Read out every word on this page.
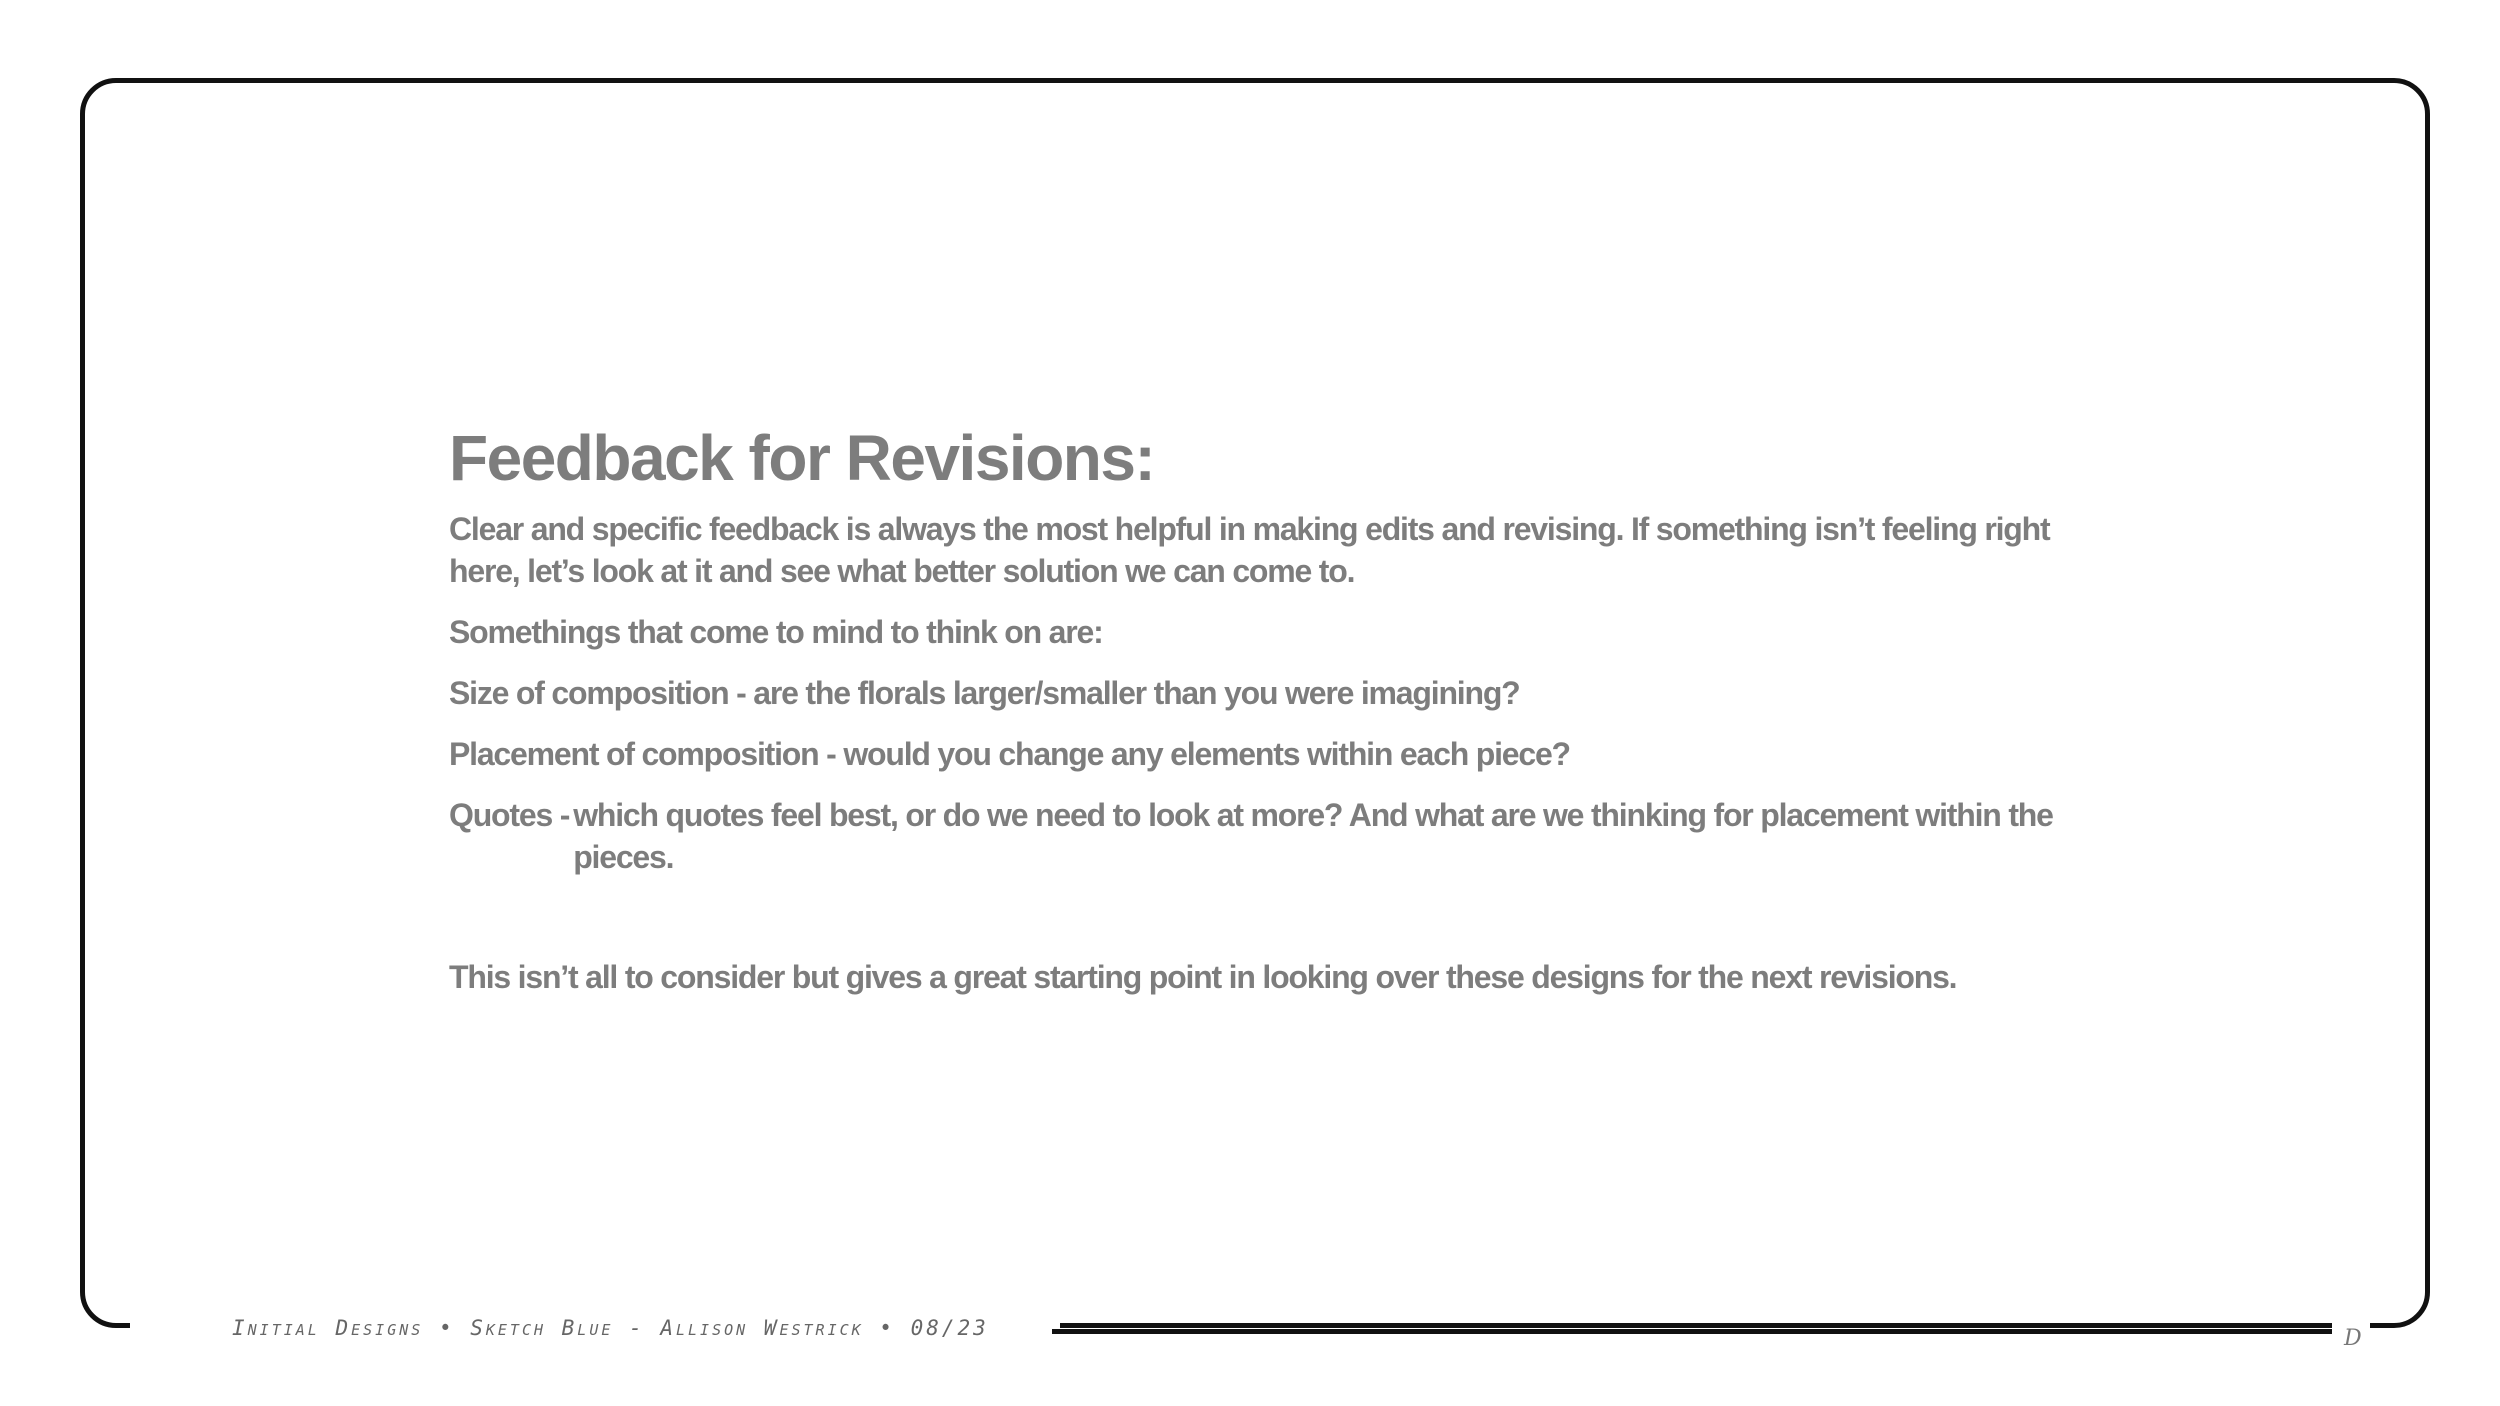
Feedback for Revisions:

Clear and specific feedback is always the most helpful in making edits and revising. If something isn’t feeling right here, let’s look at it and see what better solution we can come to.

Somethings that come to mind to think on are:

Size of composition - are the florals larger/smaller than you were imagining?

Placement of composition - would you change any elements within each piece?

Quotes - which quotes feel best, or do we need to look at more? And what are we thinking for placement within the pieces.

This isn’t all to consider but gives a great starting point in looking over these designs for the next revisions.

Initial Designs • Sketch Blue - Allison Westrick • 08/23	D
